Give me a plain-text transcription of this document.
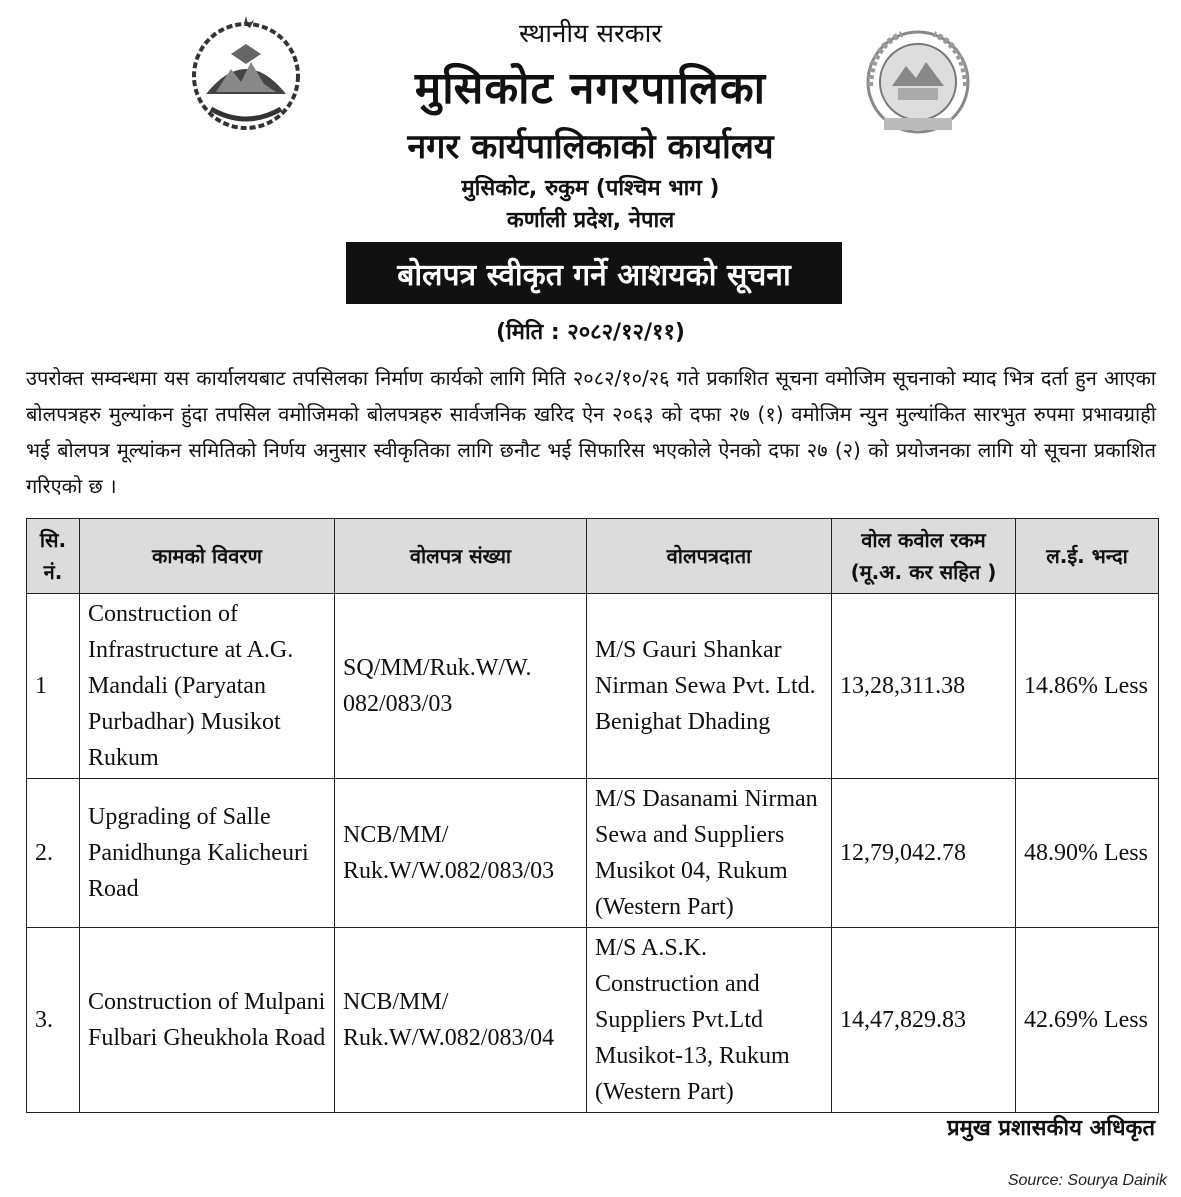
स्थानीय सरकार
मुसिकोट नगरपालिका
नगर कार्यपालिकाको कार्यालय
मुसिकोट, रुकुम (पश्चिम भाग )
कर्णाली प्रदेश, नेपाल
बोलपत्र स्वीकृत गर्ने आशयको सूचना
(मिति : २०८२/१२/११)
उपरोक्त सम्वन्धमा यस कार्यालयबाट तपसिलका निर्माण कार्यको लागि मिति २०८२/१०/२६ गते प्रकाशित सूचना वमोजिम सूचनाको म्याद भित्र दर्ता हुन आएका बोलपत्रहरु मुल्यांकन हुंदा तपसिल वमोजिमको बोलपत्रहरु सार्वजनिक खरिद ऐन २०६३ को दफा २७ (१) वमोजिम न्युन मुल्यांकित सारभुत रुपमा प्रभावग्राही भई बोलपत्र मूल्यांकन समितिको निर्णय अनुसार स्वीकृतिका लागि छनौट भई सिफारिस भएकोले ऐनको दफा २७ (२) को प्रयोजनका लागि यो सूचना प्रकाशित गरिएको छ ।
सि. नं.	कामको विवरण	वोलपत्र संख्या	वोलपत्रदाता	वोल कवोल रकम (मू.अ. कर सहित )	ल.ई. भन्दा
1	Construction of Infrastructure at A.G. Mandali (Paryatan Purbadhar) Musikot Rukum	SQ/MM/Ruk.W/W. 082/083/03	M/S Gauri Shankar Nirman Sewa Pvt. Ltd. Benighat Dhading	13,28,311.38	14.86% Less
2.	Upgrading of Salle Panidhunga Kalicheuri Road	NCB/MM/ Ruk.W/W.082/083/03	M/S Dasanami Nirman Sewa and Suppliers Musikot 04, Rukum (Western Part)	12,79,042.78	48.90% Less
3.	Construction of Mulpani Fulbari Gheukhola Road	NCB/MM/ Ruk.W/W.082/083/04	M/S A.S.K. Construction and Suppliers Pvt.Ltd Musikot-13, Rukum (Western Part)	14,47,829.83	42.69% Less
प्रमुख प्रशासकीय अधिकृत
Source: Sourya Dainik
